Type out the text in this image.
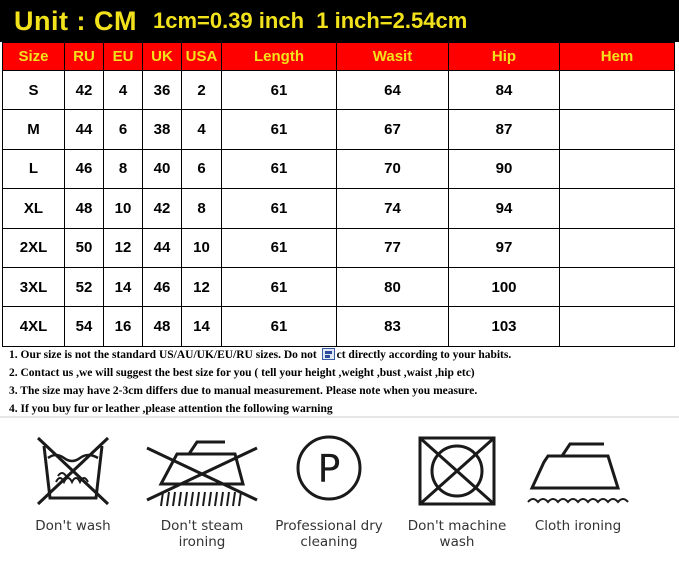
Unit : CM 1cm=0.39 inch  1 inch=2.54cm
Size	RU	EU	UK	USA	Length	Wasit	Hip	Hem
S	42	4	36	2	61	64	84	
M	44	6	38	4	61	67	87	
L	46	8	40	6	61	70	90	
XL	48	10	42	8	61	74	94	
2XL	50	12	44	10	61	77	97	
3XL	52	14	46	12	61	80	100	
4XL	54	16	48	14	61	83	103	
1. Our size is not the standard US/AU/UK/EU/RU sizes. Do not ct directly according to your habits.
2. Contact us ,we will suggest the best size for you ( tell your height ,weight ,bust ,waist ,hip etc)
3. The size may have 2-3cm differs due to manual measurement. Please note when you measure.
4. If you buy fur or leather ,please attention the following warning
Don't wash	Don't steam
ironing
P
Professional dry
cleaning
Don't machine
wash
Cloth ironing
